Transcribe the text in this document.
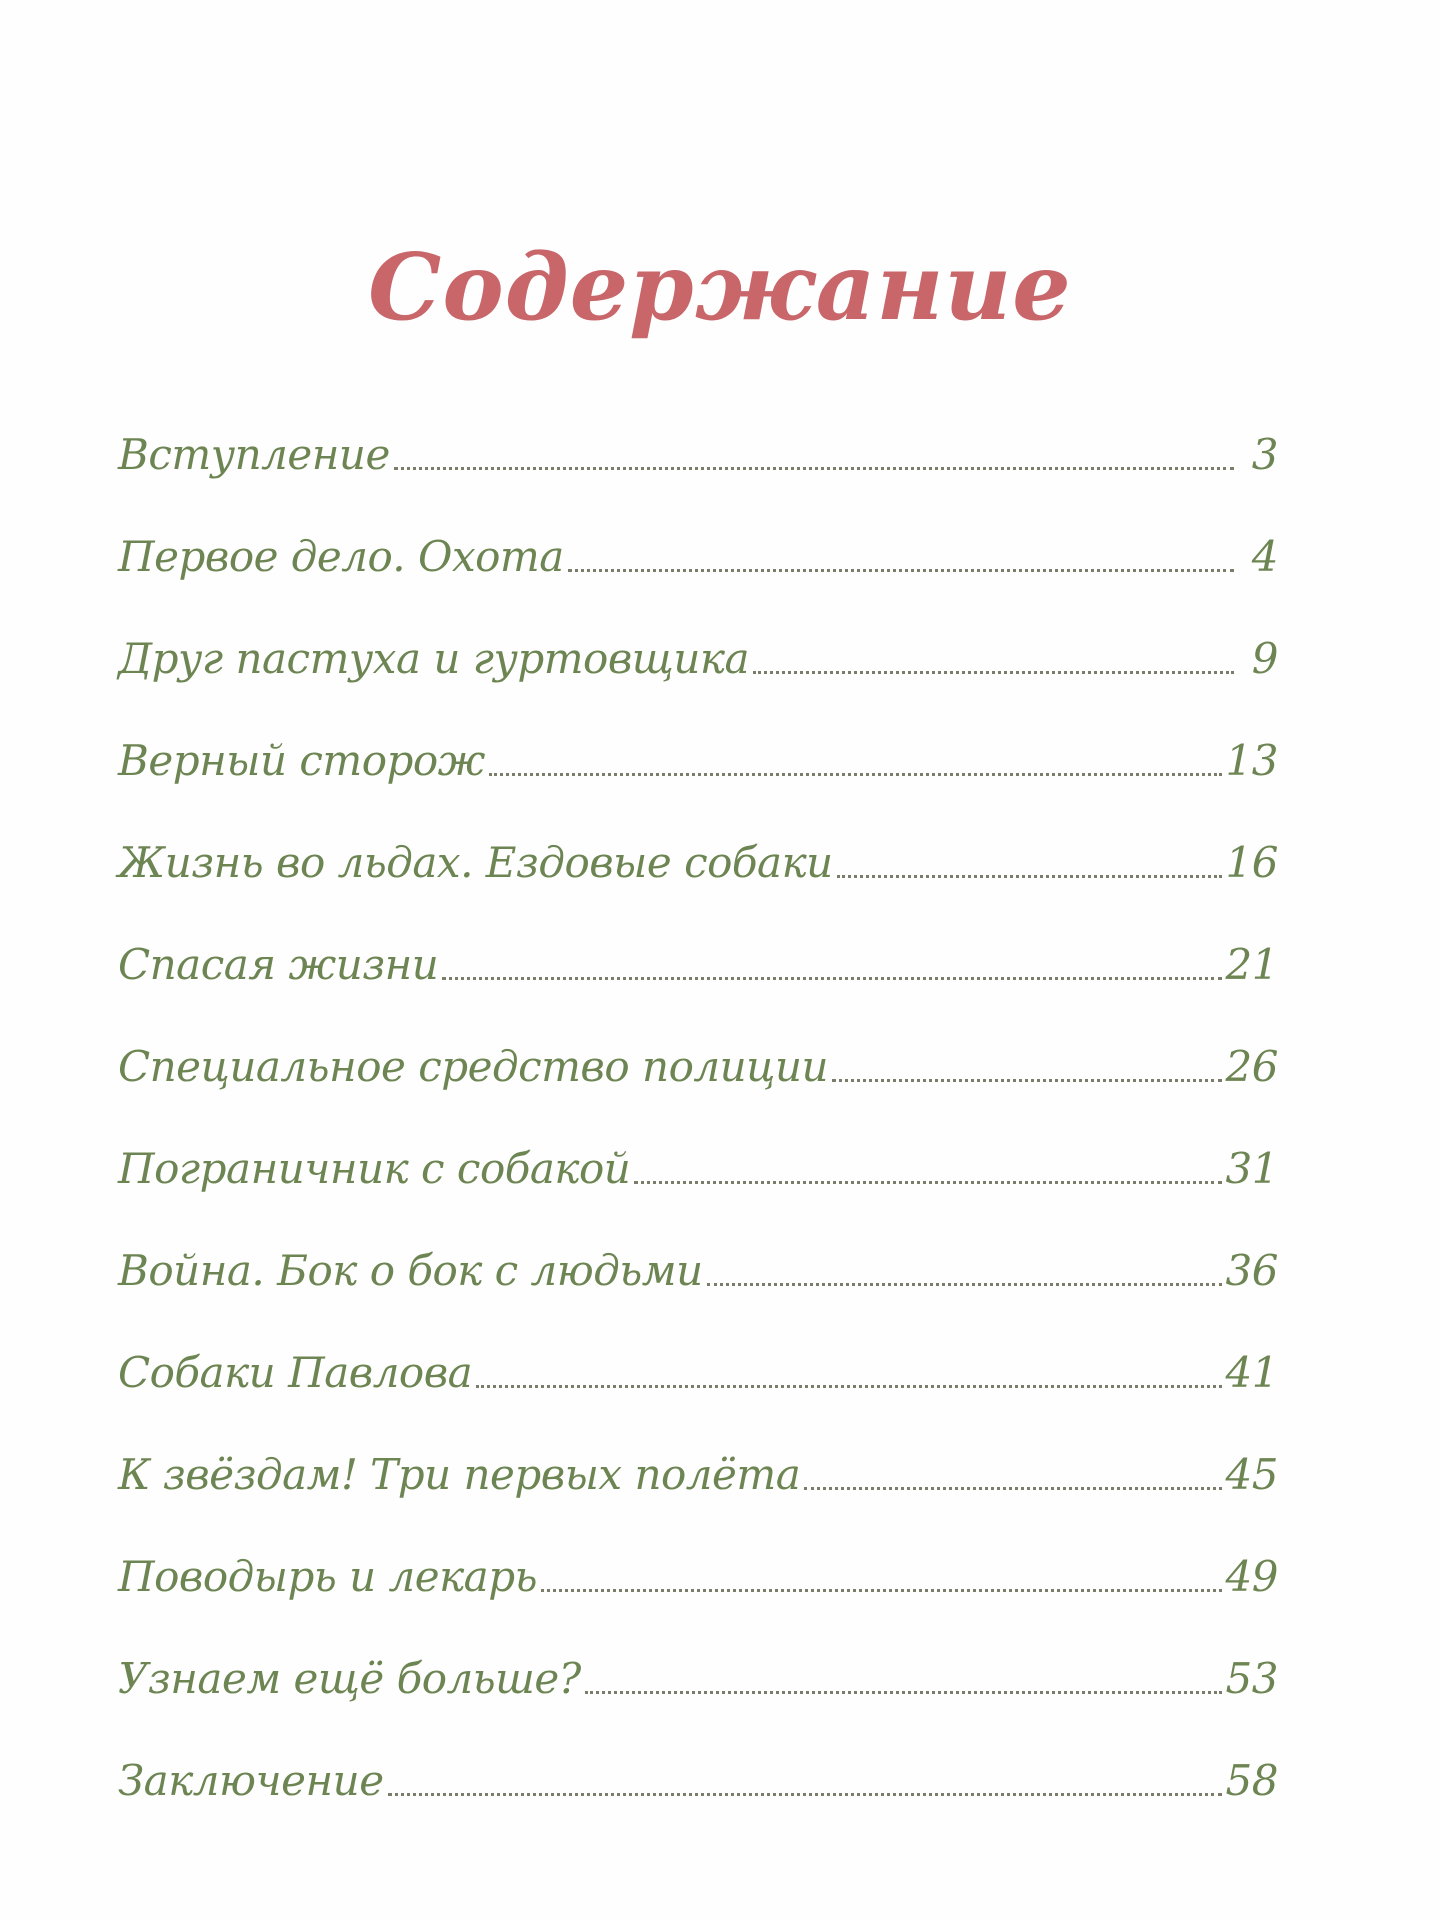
Содержание
Вступление	3
Первое дело. Охота	4
Друг пастуха и гуртовщика	9
Верный сторож	13
Жизнь во льдах. Ездовые собаки	16
Спасая жизни	21
Специальное средство полиции	26
Пограничник с собакой	31
Война. Бок о бок с людьми	36
Собаки Павлова	41
К звёздам! Три первых полёта	45
Поводырь и лекарь	49
Узнаем ещё больше?	53
Заключение	58
